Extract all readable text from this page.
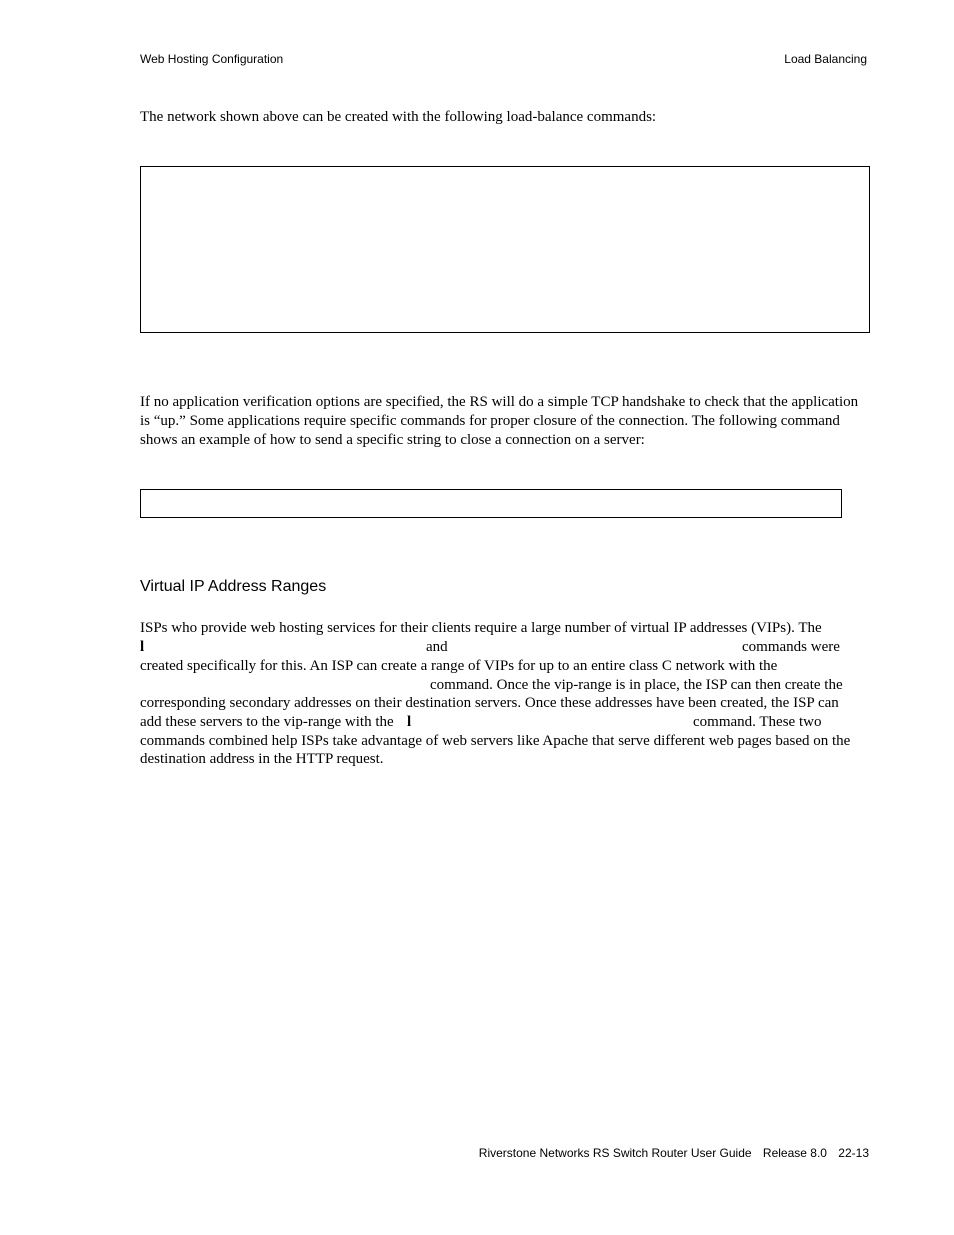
Web Hosting Configuration	Load Balancing
The network shown above can be created with the following load-balance commands:
If no application verification options are specified, the RS will do a simple TCP handshake to check that the application is “up.” Some applications require specific commands for proper closure of the connection. The following command shows an example of how to send a specific string to close a connection on a server:
Virtual IP Address Ranges
ISPs who provide web hosting services for their clients require a large number of virtual IP addresses (VIPs). The
l	and	commands were
created specifically for this. An ISP can create a range of VIPs for up to an entire class C network with the
command. Once the vip-range is in place, the ISP can then create the
corresponding secondary addresses on their destination servers. Once these addresses have been created, the ISP can
add these servers to the vip-range with the l	command. These two
commands combined help ISPs take advantage of web servers like Apache that serve different web pages based on the
destination address in the HTTP request.
Riverstone Networks RS Switch Router User Guide Release 8.0 22-13
